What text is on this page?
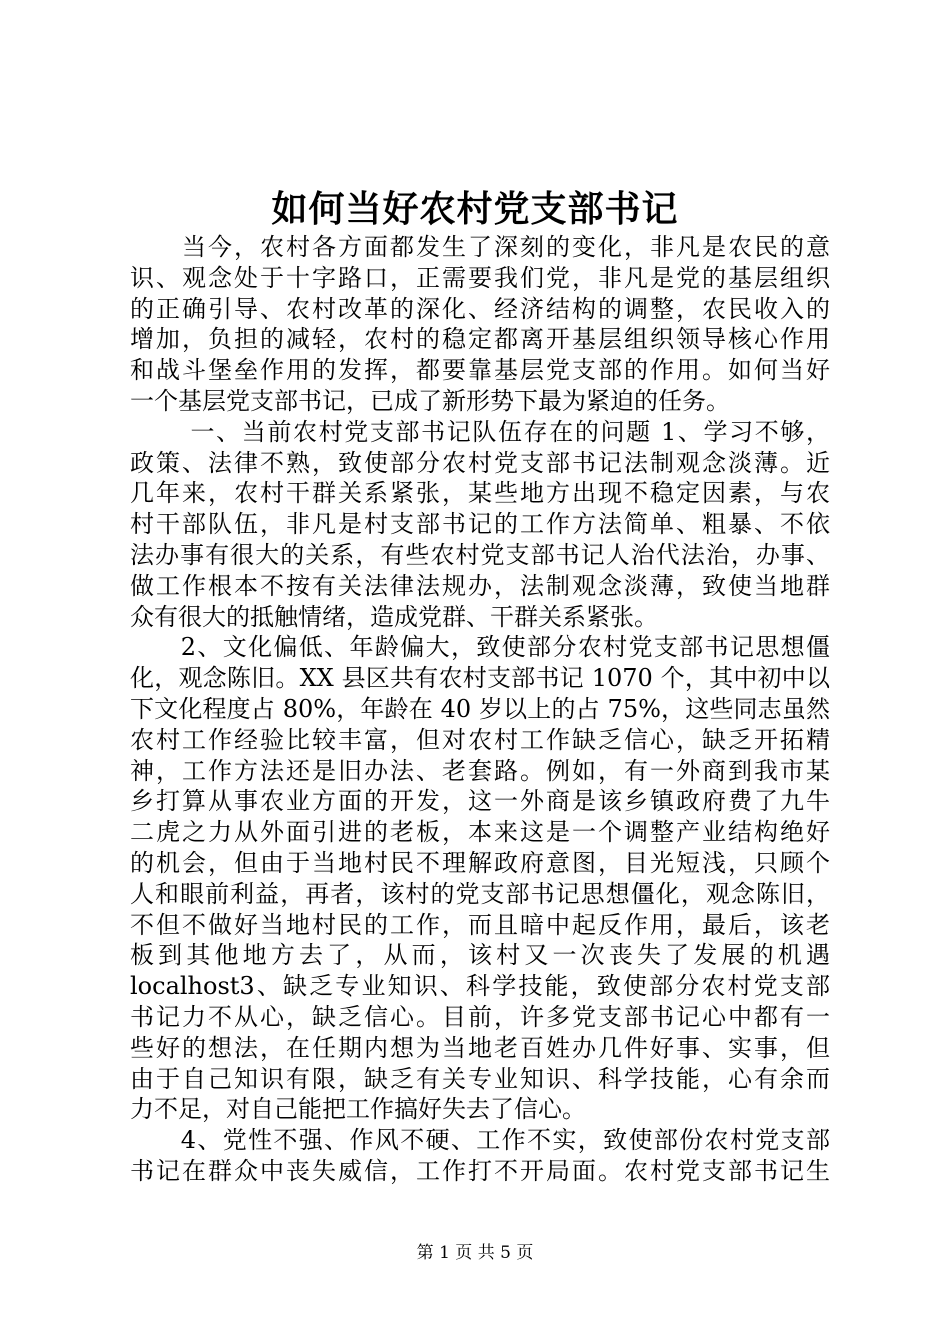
如何当好农村党支部书记
　　当今，农村各方面都发生了深刻的变化，非凡是农民的意
识、观念处于十字路口，正需要我们党，非凡是党的基层组织
的正确引导、农村改革的深化、经济结构的调整，农民收入的
增加，负担的减轻，农村的稳定都离开基层组织领导核心作用
和战斗堡垒作用的发挥，都要靠基层党支部的作用。如何当好
一个基层党支部书记，已成了新形势下最为紧迫的任务。
　　 一、当前农村党支部书记队伍存在的问题 1、学习不够，
政策、法律不熟，致使部分农村党支部书记法制观念淡薄。近
几年来，农村干群关系紧张，某些地方出现不稳定因素，与农
村干部队伍，非凡是村支部书记的工作方法简单、粗暴、不依
法办事有很大的关系，有些农村党支部书记人治代法治，办事、
做工作根本不按有关法律法规办，法制观念淡薄，致使当地群
众有很大的抵触情绪，造成党群、干群关系紧张。
　　2、文化偏低、年龄偏大，致使部分农村党支部书记思想僵
化，观念陈旧。XX 县区共有农村支部书记 1070 个，其中初中以
下文化程度占 80%，年龄在 40 岁以上的占 75%，这些同志虽然
农村工作经验比较丰富，但对农村工作缺乏信心，缺乏开拓精
神，工作方法还是旧办法、老套路。例如，有一外商到我市某
乡打算从事农业方面的开发，这一外商是该乡镇政府费了九牛
二虎之力从外面引进的老板，本来这是一个调整产业结构绝好
的机会，但由于当地村民不理解政府意图，目光短浅，只顾个
人和眼前利益，再者，该村的党支部书记思想僵化，观念陈旧，
不但不做好当地村民的工作，而且暗中起反作用，最后，该老
板到其他地方去了，从而，该村又一次丧失了发展的机遇
localhost3、缺乏专业知识、科学技能，致使部分农村党支部
书记力不从心，缺乏信心。目前，许多党支部书记心中都有一
些好的想法，在任期内想为当地老百姓办几件好事、实事，但
由于自己知识有限，缺乏有关专业知识、科学技能，心有余而
力不足，对自己能把工作搞好失去了信心。
　　4、党性不强、作风不硬、工作不实，致使部份农村党支部
书记在群众中丧失威信，工作打不开局面。农村党支部书记生
第 1 页 共 5 页
